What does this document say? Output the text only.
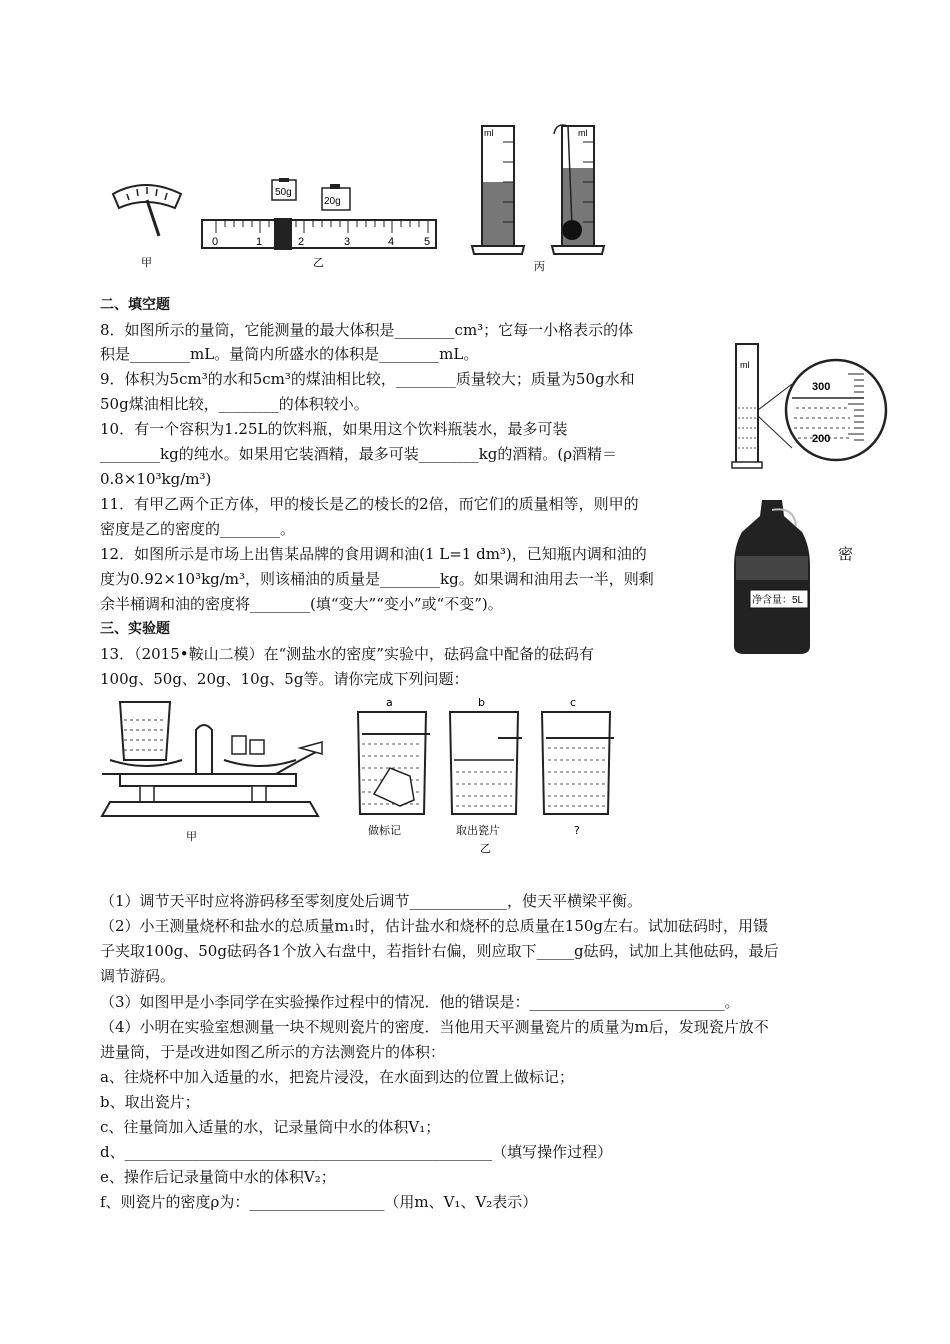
甲
50g
20g
0	1	2	3	4	5
乙
ml	ml
丙
二、填空题
8．如图所示的量筒，它能测量的最大体积是________cm³；它每一小格表示的体
积是________mL。量筒内所盛水的体积是________mL。
9．体积为5cm³的水和5cm³的煤油相比较，________质量较大；质量为50g水和
50g煤油相比较，________的体积较小。
10．有一个容积为1.25L的饮料瓶，如果用这个饮料瓶装水，最多可装
________kg的纯水。如果用它装酒精，最多可装________kg的酒精。(ρ酒精＝
0.8×10³kg/m³)
11．有甲乙两个正方体，甲的棱长是乙的棱长的2倍，而它们的质量相等，则甲的
密度是乙的密度的________。
12．如图所示是市场上出售某品牌的食用调和油(1 L=1 dm³)，已知瓶内调和油的	密
度为0.92×10³kg/m³，则该桶油的质量是________kg。如果调和油用去一半，则剩
余半桶调和油的密度将________(填“变大”“变小”或“不变”)。
三、实验题
13．（2015•鞍山二模）在“测盐水的密度”实验中，砝码盒中配备的砝码有
100g、50g、20g、10g、5g等。请你完成下列问题：
ml
300
200
净含量：5L
甲
a
做标记
b
取出瓷片
乙
c
?
（1）调节天平时应将游码移至零刻度处后调节_____________，使天平横梁平衡。
（2）小王测量烧杯和盐水的总质量m₁时，估计盐水和烧杯的总质量在150g左右。试加砝码时，用镊
子夹取100g、50g砝码各1个放入右盘中，若指针右偏，则应取下_____g砝码，试加上其他砝码，最后
调节游码。
（3）如图甲是小李同学在实验操作过程中的情况．他的错误是：__________________________。
（4）小明在实验室想测量一块不规则瓷片的密度．当他用天平测量瓷片的质量为m后，发现瓷片放不
进量筒，于是改进如图乙所示的方法测瓷片的体积：
a、往烧杯中加入适量的水，把瓷片浸没，在水面到达的位置上做标记；
b、取出瓷片；
c、往量筒加入适量的水，记录量筒中水的体积V₁；
d、_________________________________________________（填写操作过程）
e、操作后记录量筒中水的体积V₂；
f、则瓷片的密度ρ为：__________________（用m、V₁、V₂表示）
